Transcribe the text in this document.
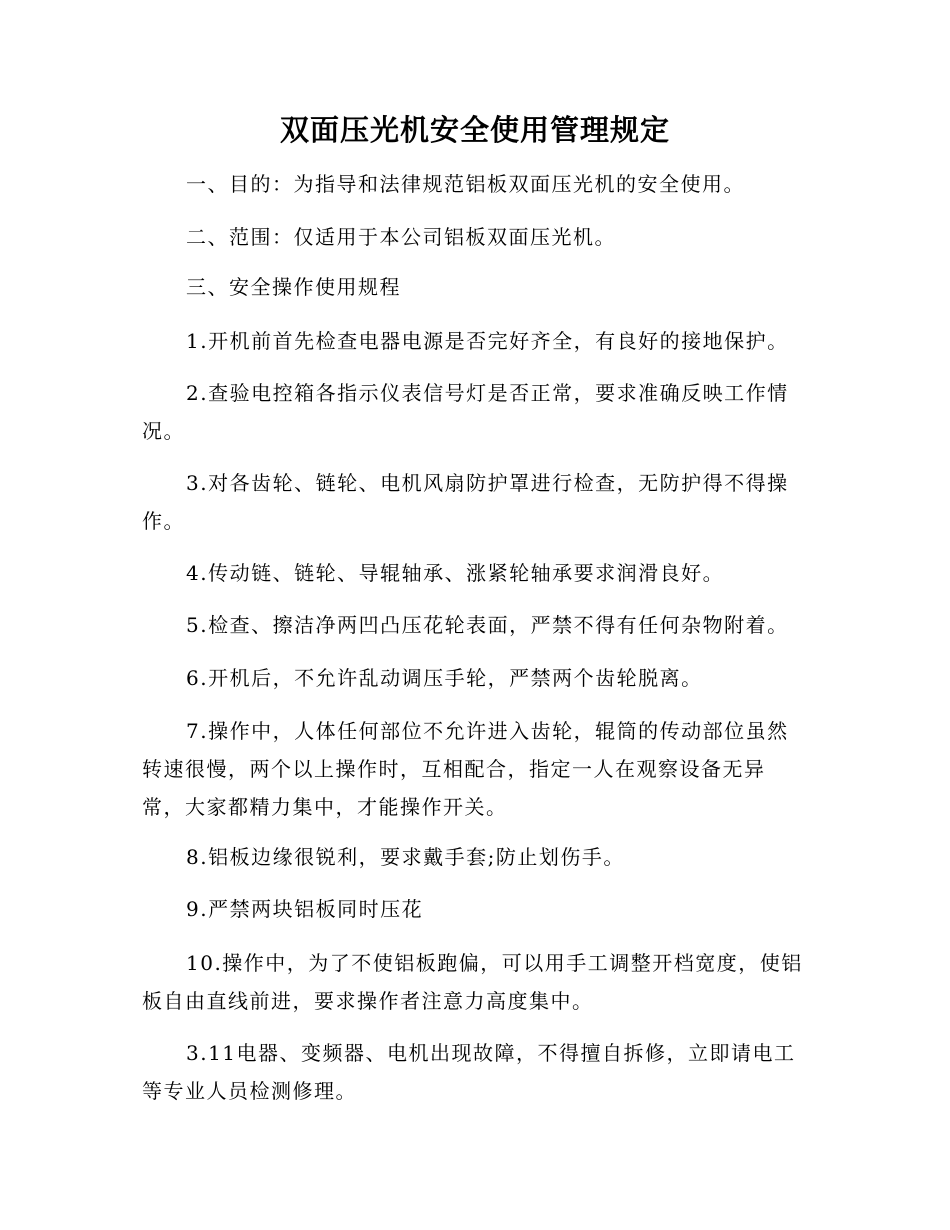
双面压光机安全使用管理规定

一、目的：为指导和法律规范铝板双面压光机的安全使用。

二、范围：仅适用于本公司铝板双面压光机。

三、安全操作使用规程

1.开机前首先检查电器电源是否完好齐全，有良好的接地保护。

2.查验电控箱各指示仪表信号灯是否正常，要求准确反映工作情况。

3.对各齿轮、链轮、电机风扇防护罩进行检查，无防护得不得操作。

4.传动链、链轮、导辊轴承、涨紧轮轴承要求润滑良好。

5.检查、擦洁净两凹凸压花轮表面，严禁不得有任何杂物附着。

6.开机后，不允许乱动调压手轮，严禁两个齿轮脱离。

7.操作中，人体任何部位不允许进入齿轮，辊筒的传动部位虽然转速很慢，两个以上操作时，互相配合，指定一人在观察设备无异常，大家都精力集中，才能操作开关。

8.铝板边缘很锐利，要求戴手套;防止划伤手。

9.严禁两块铝板同时压花

10.操作中，为了不使铝板跑偏，可以用手工调整开档宽度，使铝板自由直线前进，要求操作者注意力高度集中。

3.11电器、变频器、电机出现故障，不得擅自拆修，立即请电工等专业人员检测修理。
